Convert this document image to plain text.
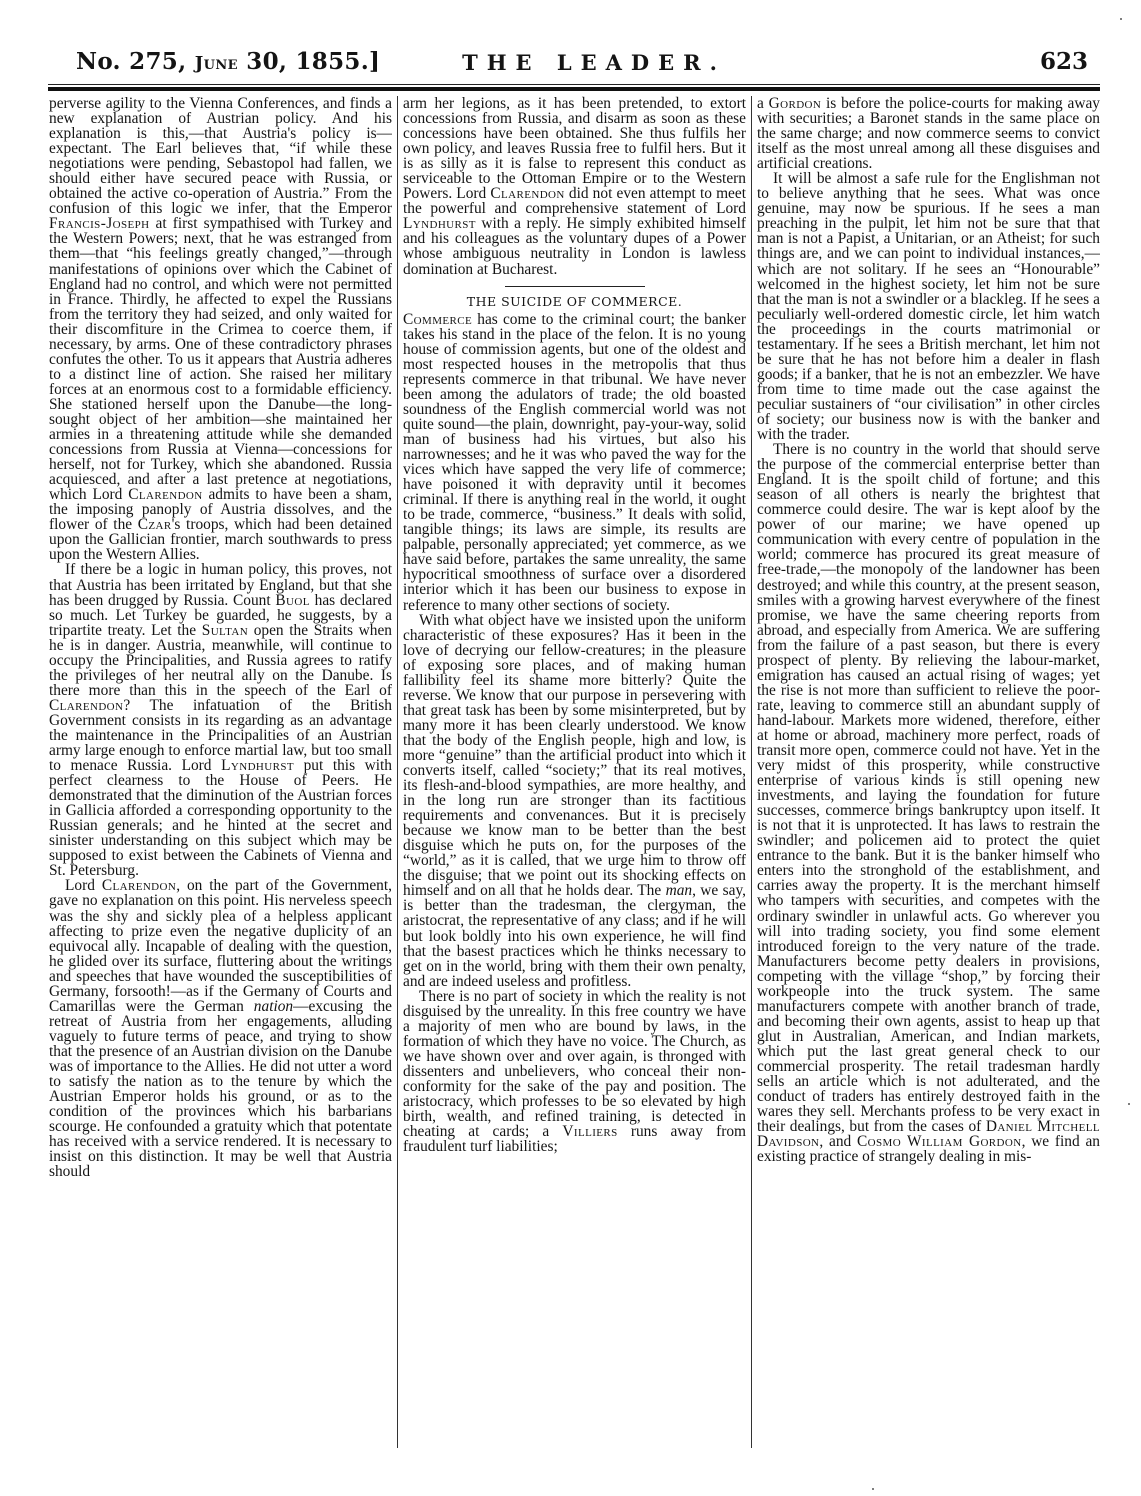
No. 275, June 30, 1855.]	THE LEADER.	623

perverse agility to the Vienna Conferences, and finds a new explanation of Austrian policy. And his explanation is this,—that Austria's policy is—expectant. The Earl believes that, “if while these negotiations were pending, Sebastopol had fallen, we should either have secured peace with Russia, or obtained the active co-operation of Austria.” From the confusion of this logic we infer, that the Emperor Francis-Joseph at first sympathised with Turkey and the Western Powers; next, that he was estranged from them—that “his feelings greatly changed,”—through manifestations of opinions over which the Cabinet of England had no control, and which were not permitted in France. Thirdly, he affected to expel the Russians from the territory they had seized, and only waited for their discomfiture in the Crimea to coerce them, if necessary, by arms. One of these contradictory phrases confutes the other. To us it appears that Austria adheres to a distinct line of action. She raised her military forces at an enormous cost to a formidable efficiency. She stationed herself upon the Danube—the long-sought object of her ambition—she maintained her armies in a threatening attitude while she demanded concessions from Russia at Vienna—concessions for herself, not for Turkey, which she abandoned. Russia acquiesced, and after a last pretence at negotiations, which Lord Clarendon admits to have been a sham, the imposing panoply of Austria dissolves, and the flower of the Czar's troops, which had been detained upon the Gallician frontier, march southwards to press upon the Western Allies.

If there be a logic in human policy, this proves, not that Austria has been irritated by England, but that she has been drugged by Russia. Count Buol has declared so much. Let Turkey be guarded, he suggests, by a tripartite treaty. Let the Sultan open the Straits when he is in danger. Austria, meanwhile, will continue to occupy the Principalities, and Russia agrees to ratify the privileges of her neutral ally on the Danube. Is there more than this in the speech of the Earl of Clarendon? The infatuation of the British Government consists in its regarding as an advantage the maintenance in the Principalities of an Austrian army large enough to enforce martial law, but too small to menace Russia. Lord Lyndhurst put this with perfect clearness to the House of Peers. He demonstrated that the diminution of the Austrian forces in Gallicia afforded a corresponding opportunity to the Russian generals; and he hinted at the secret and sinister understanding on this subject which may be supposed to exist between the Cabinets of Vienna and St. Petersburg.

Lord Clarendon, on the part of the Government, gave no explanation on this point. His nerveless speech was the shy and sickly plea of a helpless applicant affecting to prize even the negative duplicity of an equivocal ally. Incapable of dealing with the question, he glided over its surface, fluttering about the writings and speeches that have wounded the susceptibilities of Germany, forsooth!—as if the Germany of Courts and Camarillas were the German nation—excusing the retreat of Austria from her engagements, alluding vaguely to future terms of peace, and trying to show that the presence of an Austrian division on the Danube was of importance to the Allies. He did not utter a word to satisfy the nation as to the tenure by which the Austrian Emperor holds his ground, or as to the condition of the provinces which his barbarians scourge. He confounded a gratuity which that potentate has received with a service rendered. It is necessary to insist on this distinction. It may be well that Austria should

arm her legions, as it has been pretended, to extort concessions from Russia, and disarm as soon as these concessions have been obtained. She thus fulfils her own policy, and leaves Russia free to fulfil hers. But it is as silly as it is false to represent this conduct as serviceable to the Ottoman Empire or to the Western Powers. Lord Clarendon did not even attempt to meet the powerful and comprehensive statement of Lord Lyndhurst with a reply. He simply exhibited himself and his colleagues as the voluntary dupes of a Power whose ambiguous neutrality in London is lawless domination at Bucharest.

THE SUICIDE OF COMMERCE.

Commerce has come to the criminal court; the banker takes his stand in the place of the felon. It is no young house of commission agents, but one of the oldest and most respected houses in the metropolis that thus represents commerce in that tribunal. We have never been among the adulators of trade; the old boasted soundness of the English commercial world was not quite sound—the plain, downright, pay-your-way, solid man of business had his virtues, but also his narrownesses; and he it was who paved the way for the vices which have sapped the very life of commerce; have poisoned it with depravity until it becomes criminal. If there is anything real in the world, it ought to be trade, commerce, “business.” It deals with solid, tangible things; its laws are simple, its results are palpable, personally appreciated; yet commerce, as we have said before, partakes the same unreality, the same hypocritical smoothness of surface over a disordered interior which it has been our business to expose in reference to many other sections of society.

With what object have we insisted upon the uniform characteristic of these exposures? Has it been in the love of decrying our fellow-creatures; in the pleasure of exposing sore places, and of making human fallibility feel its shame more bitterly? Quite the reverse. We know that our purpose in persevering with that great task has been by some misinterpreted, but by many more it has been clearly understood. We know that the body of the English people, high and low, is more “genuine” than the artificial product into which it converts itself, called “society;” that its real motives, its flesh-and-blood sympathies, are more healthy, and in the long run are stronger than its factitious requirements and convenances. But it is precisely because we know man to be better than the best disguise which he puts on, for the purposes of the “world,” as it is called, that we urge him to throw off the disguise; that we point out its shocking effects on himself and on all that he holds dear. The man, we say, is better than the tradesman, the clergyman, the aristocrat, the representative of any class; and if he will but look boldly into his own experience, he will find that the basest practices which he thinks necessary to get on in the world, bring with them their own penalty, and are indeed useless and profitless.

There is no part of society in which the reality is not disguised by the unreality. In this free country we have a majority of men who are bound by laws, in the formation of which they have no voice. The Church, as we have shown over and over again, is thronged with dissenters and unbelievers, who conceal their non-conformity for the sake of the pay and position. The aristocracy, which professes to be so elevated by high birth, wealth, and refined training, is detected in cheating at cards; a Villiers runs away from fraudulent turf liabilities;

a Gordon is before the police-courts for making away with securities; a Baronet stands in the same place on the same charge; and now commerce seems to convict itself as the most unreal among all these disguises and artificial creations.

It will be almost a safe rule for the Englishman not to believe anything that he sees. What was once genuine, may now be spurious. If he sees a man preaching in the pulpit, let him not be sure that that man is not a Papist, a Unitarian, or an Atheist; for such things are, and we can point to individual instances,—which are not solitary. If he sees an “Honourable” welcomed in the highest society, let him not be sure that the man is not a swindler or a blackleg. If he sees a peculiarly well-ordered domestic circle, let him watch the proceedings in the courts matrimonial or testamentary. If he sees a British merchant, let him not be sure that he has not before him a dealer in flash goods; if a banker, that he is not an embezzler. We have from time to time made out the case against the peculiar sustainers of “our civilisation” in other circles of society; our business now is with the banker and with the trader.

There is no country in the world that should serve the purpose of the commercial enterprise better than England. It is the spoilt child of fortune; and this season of all others is nearly the brightest that commerce could desire. The war is kept aloof by the power of our marine; we have opened up communication with every centre of population in the world; commerce has procured its great measure of free-trade,—the monopoly of the landowner has been destroyed; and while this country, at the present season, smiles with a growing harvest everywhere of the finest promise, we have the same cheering reports from abroad, and especially from America. We are suffering from the failure of a past season, but there is every prospect of plenty. By relieving the labour-market, emigration has caused an actual rising of wages; yet the rise is not more than sufficient to relieve the poor-rate, leaving to commerce still an abundant supply of hand-labour. Markets more widened, therefore, either at home or abroad, machinery more perfect, roads of transit more open, commerce could not have. Yet in the very midst of this prosperity, while constructive enterprise of various kinds is still opening new investments, and laying the foundation for future successes, commerce brings bankruptcy upon itself. It is not that it is unprotected. It has laws to restrain the swindler; and policemen aid to protect the quiet entrance to the bank. But it is the banker himself who enters into the stronghold of the establishment, and carries away the property. It is the merchant himself who tampers with securities, and competes with the ordinary swindler in unlawful acts. Go wherever you will into trading society, you find some element introduced foreign to the very nature of the trade. Manufacturers become petty dealers in provisions, competing with the village “shop,” by forcing their workpeople into the truck system. The same manufacturers compete with another branch of trade, and becoming their own agents, assist to heap up that glut in Australian, American, and Indian markets, which put the last great general check to our commercial prosperity. The retail tradesman hardly sells an article which is not adulterated, and the conduct of traders has entirely destroyed faith in the wares they sell. Merchants profess to be very exact in their dealings, but from the cases of Daniel Mitchell Davidson, and Cosmo William Gordon, we find an existing practice of strangely dealing in mis-
